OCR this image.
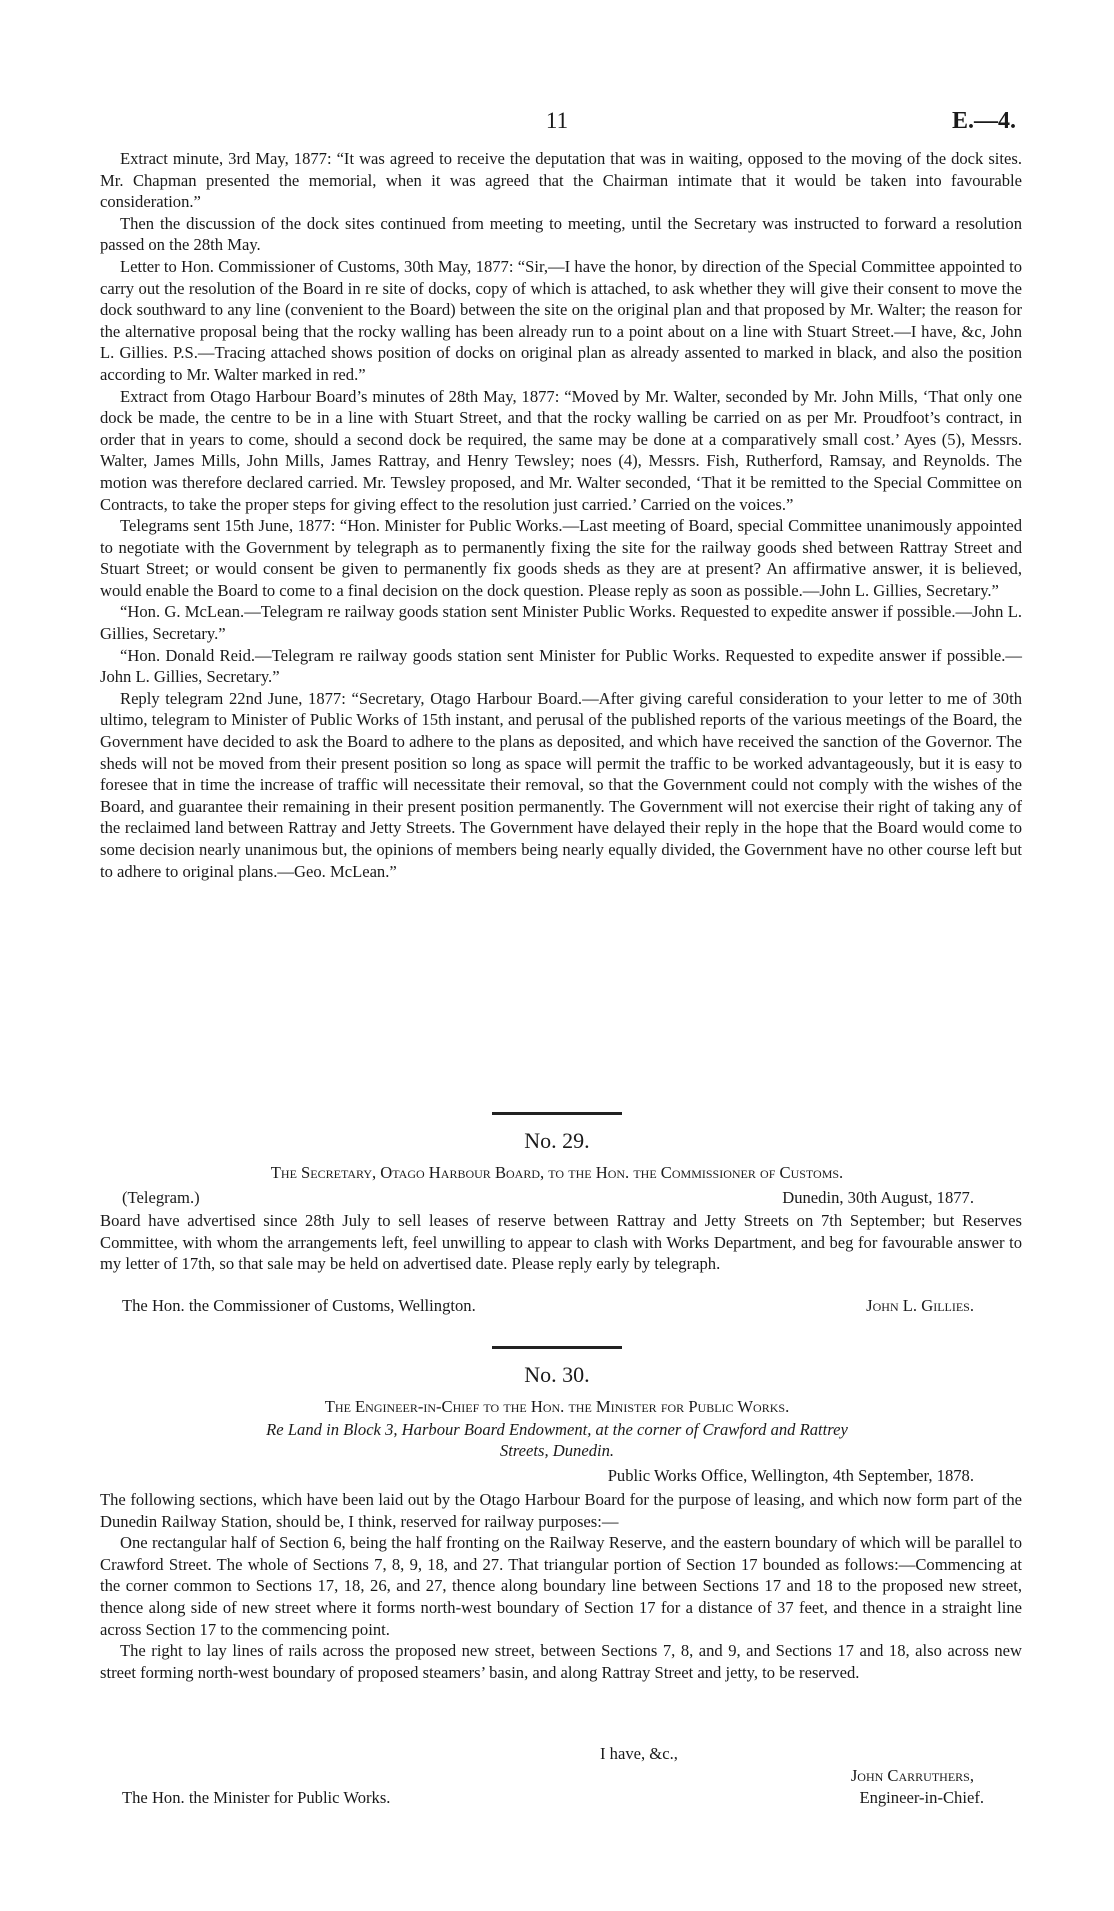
11	E.—4.

Extract minute, 3rd May, 1877: “It was agreed to receive the deputation that was in waiting, opposed to the moving of the dock sites. Mr. Chapman presented the memorial, when it was agreed that the Chairman intimate that it would be taken into favourable consideration.”

Then the discussion of the dock sites continued from meeting to meeting, until the Secretary was instructed to forward a resolution passed on the 28th May.

Letter to Hon. Commissioner of Customs, 30th May, 1877: “Sir,—I have the honor, by direction of the Special Committee appointed to carry out the resolution of the Board in re site of docks, copy of which is attached, to ask whether they will give their consent to move the dock southward to any line (convenient to the Board) between the site on the original plan and that proposed by Mr. Walter; the reason for the alternative proposal being that the rocky walling has been already run to a point about on a line with Stuart Street.—I have, &c, John L. Gillies. P.S.—Tracing attached shows position of docks on original plan as already assented to marked in black, and also the position according to Mr. Walter marked in red.”

Extract from Otago Harbour Board’s minutes of 28th May, 1877: “Moved by Mr. Walter, seconded by Mr. John Mills, ‘That only one dock be made, the centre to be in a line with Stuart Street, and that the rocky walling be carried on as per Mr. Proudfoot’s contract, in order that in years to come, should a second dock be required, the same may be done at a comparatively small cost.’ Ayes (5), Messrs. Walter, James Mills, John Mills, James Rattray, and Henry Tewsley; noes (4), Messrs. Fish, Rutherford, Ramsay, and Reynolds. The motion was therefore declared carried. Mr. Tewsley proposed, and Mr. Walter seconded, ‘That it be remitted to the Special Committee on Contracts, to take the proper steps for giving effect to the resolution just carried.’ Carried on the voices.”

Telegrams sent 15th June, 1877: “Hon. Minister for Public Works.—Last meeting of Board, special Committee unanimously appointed to negotiate with the Government by telegraph as to permanently fixing the site for the railway goods shed between Rattray Street and Stuart Street; or would consent be given to permanently fix goods sheds as they are at present? An affirmative answer, it is believed, would enable the Board to come to a final decision on the dock question. Please reply as soon as possible.—John L. Gillies, Secretary.”

“Hon. G. McLean.—Telegram re railway goods station sent Minister Public Works. Requested to expedite answer if possible.—John L. Gillies, Secretary.”

“Hon. Donald Reid.—Telegram re railway goods station sent Minister for Public Works. Requested to expedite answer if possible.—John L. Gillies, Secretary.”

Reply telegram 22nd June, 1877: “Secretary, Otago Harbour Board.—After giving careful consideration to your letter to me of 30th ultimo, telegram to Minister of Public Works of 15th instant, and perusal of the published reports of the various meetings of the Board, the Government have decided to ask the Board to adhere to the plans as deposited, and which have received the sanction of the Governor. The sheds will not be moved from their present position so long as space will permit the traffic to be worked advantageously, but it is easy to foresee that in time the increase of traffic will necessitate their removal, so that the Government could not comply with the wishes of the Board, and guarantee their remaining in their present position permanently. The Government will not exercise their right of taking any of the reclaimed land between Rattray and Jetty Streets. The Government have delayed their reply in the hope that the Board would come to some decision nearly unanimous but, the opinions of members being nearly equally divided, the Government have no other course left but to adhere to original plans.—Geo. McLean.”

No. 29.
The Secretary, Otago Harbour Board, to the Hon. the Commissioner of Customs.
(Telegram.)	Dunedin, 30th August, 1877.

Board have advertised since 28th July to sell leases of reserve between Rattray and Jetty Streets on 7th September; but Reserves Committee, with whom the arrangements left, feel unwilling to appear to clash with Works Department, and beg for favourable answer to my letter of 17th, so that sale may be held on advertised date. Please reply early by telegraph.

The Hon. the Commissioner of Customs, Wellington.	John L. Gillies.
No. 30.
The Engineer-in-Chief to the Hon. the Minister for Public Works.
Re Land in Block 3, Harbour Board Endowment, at the corner of Crawford and Rattrey
Streets, Dunedin.
Public Works Office, Wellington, 4th September, 1878.

The following sections, which have been laid out by the Otago Harbour Board for the purpose of leasing, and which now form part of the Dunedin Railway Station, should be, I think, reserved for railway purposes:—

One rectangular half of Section 6, being the half fronting on the Railway Reserve, and the eastern boundary of which will be parallel to Crawford Street. The whole of Sections 7, 8, 9, 18, and 27. That triangular portion of Section 17 bounded as follows:—Commencing at the corner common to Sections 17, 18, 26, and 27, thence along boundary line between Sections 17 and 18 to the proposed new street, thence along side of new street where it forms north-west boundary of Section 17 for a distance of 37 feet, and thence in a straight line across Section 17 to the commencing point.

The right to lay lines of rails across the proposed new street, between Sections 7, 8, and 9, and Sections 17 and 18, also across new street forming north-west boundary of proposed steamers’ basin, and along Rattray Street and jetty, to be reserved.

I have, &c.,
John Carruthers,
The Hon. the Minister for Public Works.	Engineer-in-Chief.
